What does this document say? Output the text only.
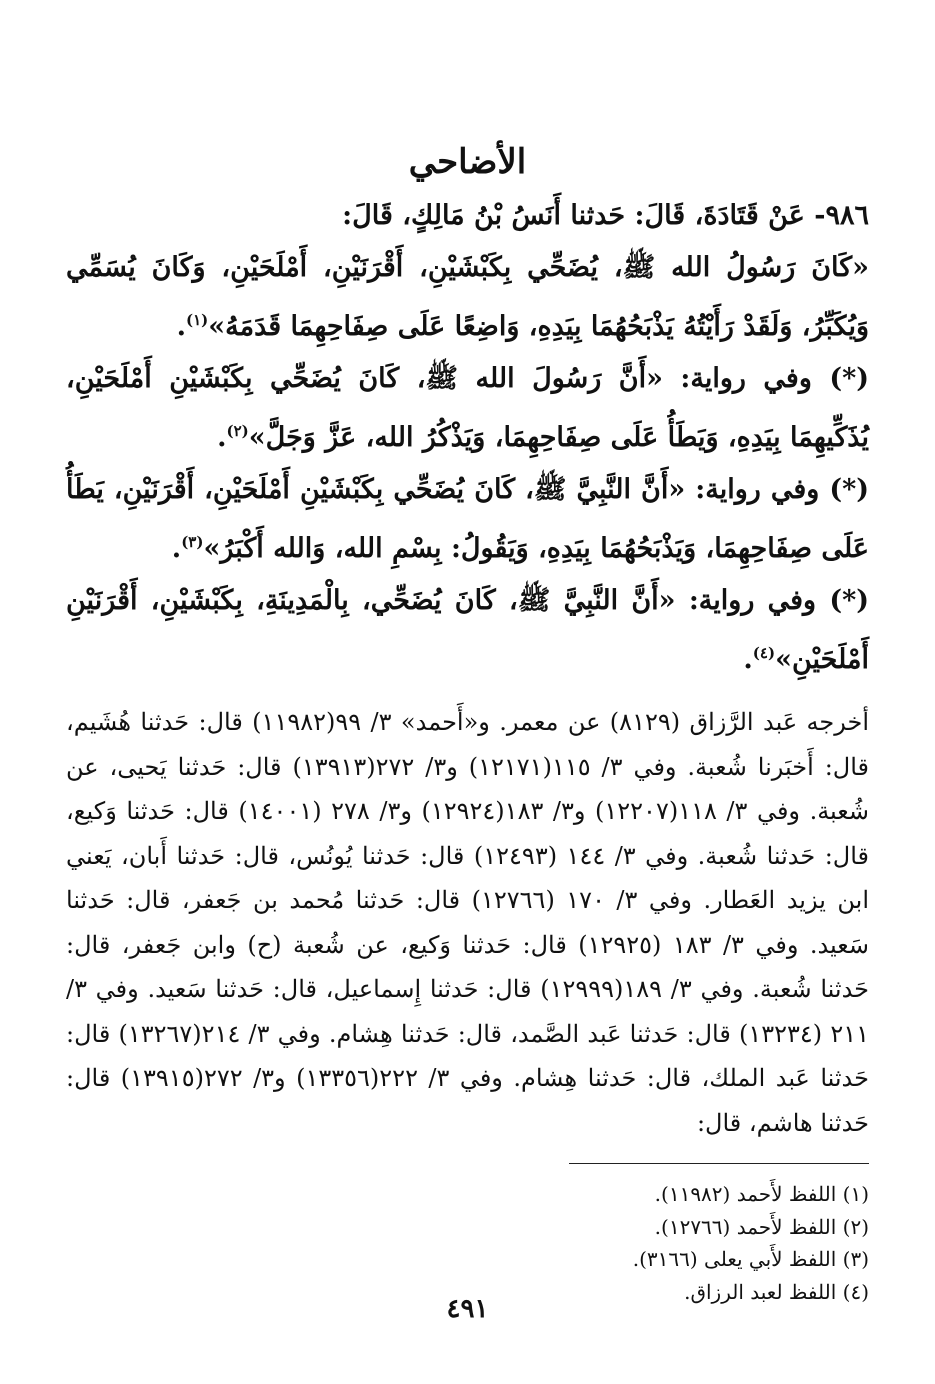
الأضاحي

٩٨٦- عَنْ قَتَادَةَ، قَالَ: حَدثنا أَنَسُ بْنُ مَالِكٍ، قَالَ:

«كَانَ رَسُولُ الله ﷺ، يُضَحِّي بِكَبْشَيْنِ، أَقْرَنَيْنِ، أَمْلَحَيْنِ، وَكَانَ يُسَمِّي وَيُكَبِّرُ، وَلَقَدْ رَأَيْتُهُ يَذْبَحُهُمَا بِيَدِهِ، وَاضِعًا عَلَى صِفَاحِهِمَا قَدَمَهُ»$^{(١)}$.

(*) وفي رواية: «أَنَّ رَسُولَ الله ﷺ، كَانَ يُضَحِّي بِكَبْشَيْنِ أَمْلَحَيْنِ، يُذَكِّيهِمَا بِيَدِهِ، وَيَطَأُ عَلَى صِفَاحِهِمَا، وَيَذْكُرُ الله، عَزَّ وَجَلَّ»$^{(٢)}$.

(*) وفي رواية: «أَنَّ النَّبِيَّ ﷺ، كَانَ يُضَحِّي بِكَبْشَيْنِ أَمْلَحَيْنِ، أَقْرَنَيْنِ، يَطَأُ عَلَى صِفَاحِهِمَا، وَيَذْبَحُهُمَا بِيَدِهِ، وَيَقُولُ: بِسْمِ الله، وَالله أَكْبَرُ»$^{(٣)}$.

(*) وفي رواية: «أَنَّ النَّبِيَّ ﷺ، كَانَ يُضَحِّي، بِالْمَدِينَةِ، بِكَبْشَيْنِ، أَقْرَنَيْنِ أَمْلَحَيْنِ»$^{(٤)}$.

أخرجه عَبد الرَّزاق (٨١٢٩) عن معمر. و«أَحمد» ٣/ ٩٩(١١٩٨٢) قال: حَدثنا هُشَيم، قال: أَخبَرنا شُعبة. وفي ٣/ ١١٥(١٢١٧١) و٣/ ٢٧٢(١٣٩١٣) قال: حَدثنا يَحيى، عن شُعبة. وفي ٣/ ١١٨(١٢٢٠٧) و٣/ ١٨٣(١٢٩٢٤) و٣/ ٢٧٨ (١٤٠٠١) قال: حَدثنا وَكيع، قال: حَدثنا شُعبة. وفي ٣/ ١٤٤ (١٢٤٩٣) قال: حَدثنا يُونُس، قال: حَدثنا أَبان، يَعني ابن يزيد العَطار. وفي ٣/ ١٧٠ (١٢٧٦٦) قال: حَدثنا مُحمد بن جَعفر، قال: حَدثنا سَعيد. وفي ٣/ ١٨٣ (١٢٩٢٥) قال: حَدثنا وَكيع، عن شُعبة (ح) وابن جَعفر، قال: حَدثنا شُعبة. وفي ٣/ ١٨٩(١٢٩٩٩) قال: حَدثنا إِسماعيل، قال: حَدثنا سَعيد. وفي ٣/ ٢١١ (١٣٢٣٤) قال: حَدثنا عَبد الصَّمد، قال: حَدثنا هِشام. وفي ٣/ ٢١٤(١٣٢٦٧) قال: حَدثنا عَبد الملك، قال: حَدثنا هِشام. وفي ٣/ ٢٢٢(١٣٣٥٦) و٣/ ٢٧٢(١٣٩١٥) قال: حَدثنا هاشم، قال:
(١) اللفظ لأَحمد (١١٩٨٢).
(٢) اللفظ لأَحمد (١٢٧٦٦).
(٣) اللفظ لأَبي يعلى (٣١٦٦).
(٤) اللفظ لعبد الرزاق.
٤٩١
